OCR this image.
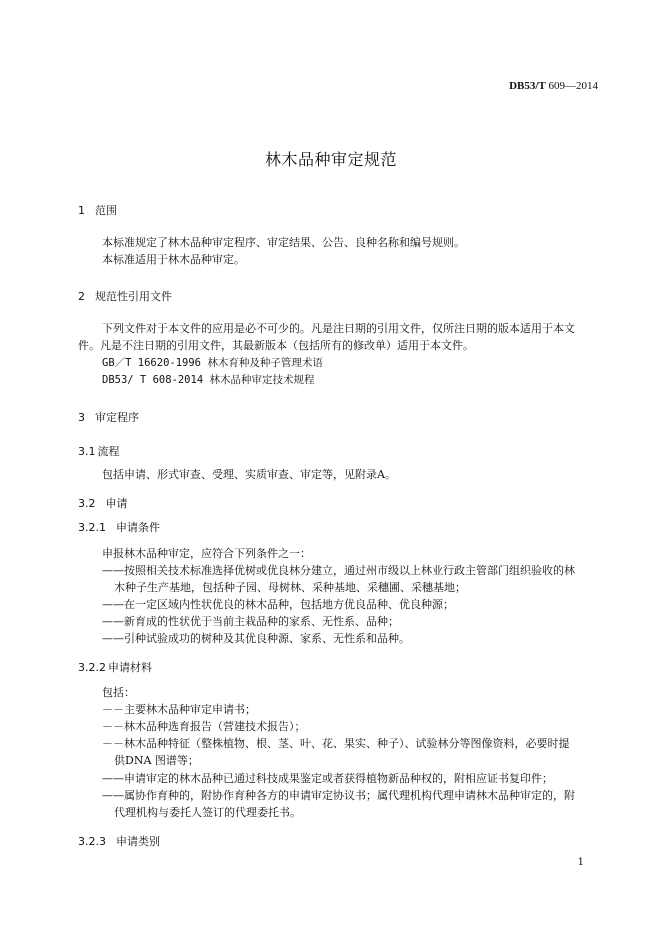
DB53/T 609—2014
林木品种审定规范
1 范围
本标准规定了林木品种审定程序、审定结果、公告、良种名称和编号规则。
本标准适用于林木品种审定。
2 规范性引用文件
下列文件对于本文件的应用是必不可少的。凡是注日期的引用文件，仅所注日期的版本适用于本文
件。凡是不注日期的引用文件，其最新版本（包括所有的修改单）适用于本文件。
GB／T 16620-1996 林木育种及种子管理术语
DB53/ T 608-2014 林木品种审定技术规程
3 审定程序
3.1 流程
包括申请、形式审查、受理、实质审查、审定等，见附录A。
3.2 申请
3.2.1 申请条件
申报林木品种审定，应符合下列条件之一：
——按照相关技术标准选择优树或优良林分建立，通过州市级以上林业行政主管部门组织验收的林
木种子生产基地，包括种子园、母树林、采种基地、采穗圃、采穗基地；
——在一定区域内性状优良的林木品种，包括地方优良品种、优良种源；
——新育成的性状优于当前主栽品种的家系、无性系、品种；
——引种试验成功的树种及其优良种源、家系、无性系和品种。
3.2.2 申请材料
包括：
－－主要林木品种审定申请书；
－－林木品种选育报告（营建技术报告）；
－－林木品种特征（整株植物、根、茎、叶、花、果实、种子）、试验林分等图像资料，必要时提
供DNA 图谱等；
——申请审定的林木品种已通过科技成果鉴定或者获得植物新品种权的，附相应证书复印件；
——属协作育种的，附协作育种各方的申请审定协议书；属代理机构代理申请林木品种审定的，附
代理机构与委托人签订的代理委托书。
3.2.3 申请类别
1
